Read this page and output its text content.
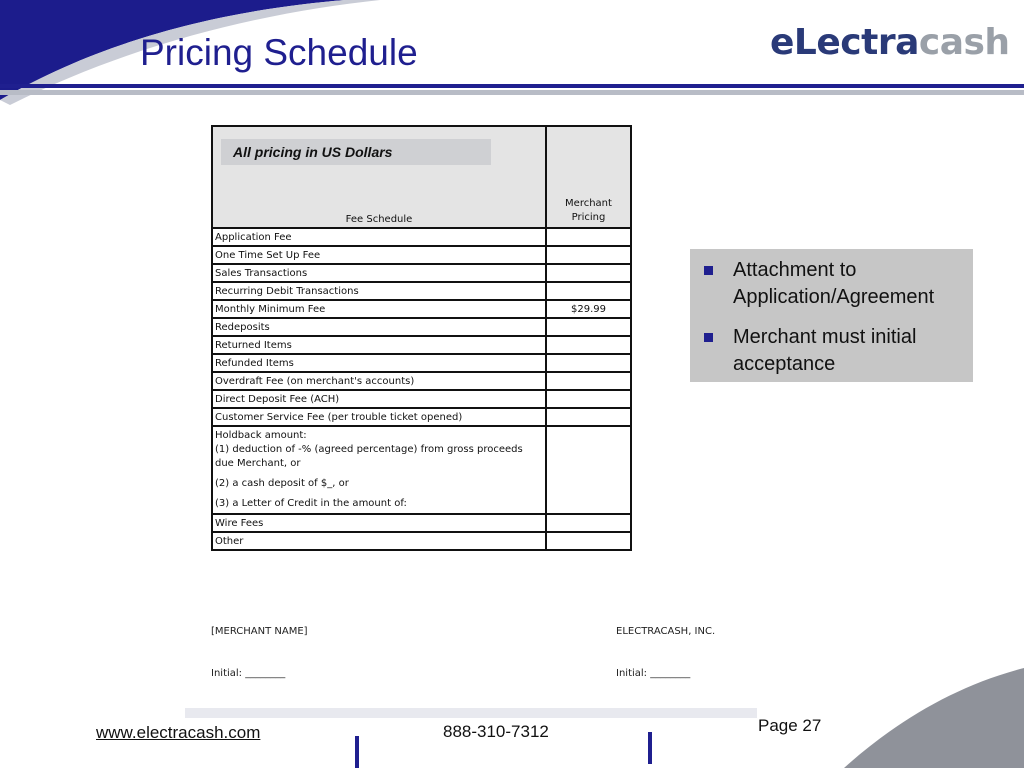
Pricing Schedule	eLectracash
All pricing in US Dollars
Fee Schedule	Merchant
Pricing
Application Fee	
One Time Set Up Fee	
Sales Transactions	
Recurring Debit Transactions	
Monthly Minimum Fee	$29.99
Redeposits	
Returned Items	
Refunded Items	
Overdraft Fee (on merchant's accounts)	
Direct Deposit Fee (ACH)	
Customer Service Fee (per trouble ticket opened)	

Holdback amount:

(1) deduction of -% (agreed percentage) from gross proceeds

due Merchant, or

(2) a cash deposit of $_, or

(3) a Letter of Credit in the amount of:	

Wire Fees	
Other	
[MERCHANT NAME]	ELECTRACASH, INC.
Initial: ________	Initial: ________
Attachment to Application/Agreement
Merchant must initial acceptance
www.electracash.com	888-310-7312	Page 27
